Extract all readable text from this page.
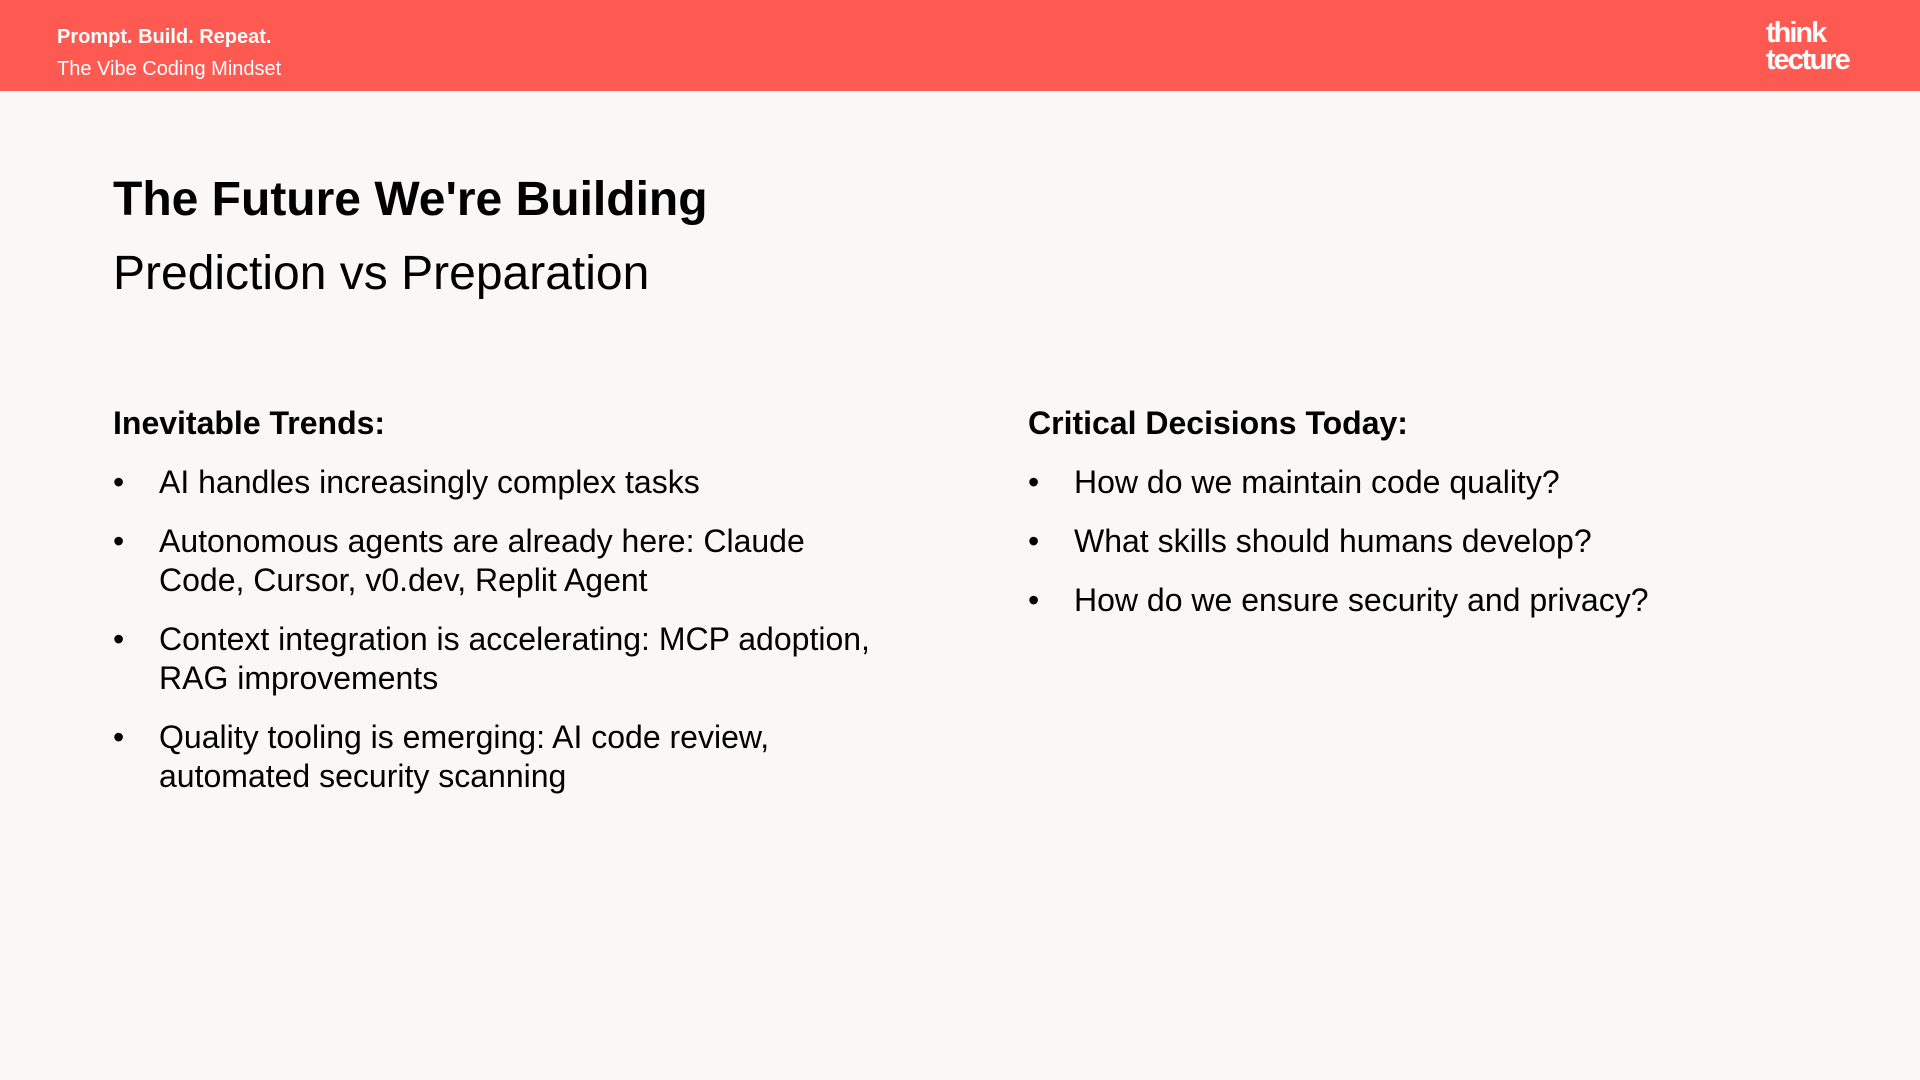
Prompt. Build. Repeat.
The Vibe Coding Mindset
think
tecture
The Future We're Building
Prediction vs Preparation
Inevitable Trends:
• AI handles increasingly complex tasks
• Autonomous agents are already here: Claude Code, Cursor, v0.dev, Replit Agent
• Context integration is accelerating: MCP adoption, RAG improvements
• Quality tooling is emerging: AI code review, automated security scanning
Critical Decisions Today:
• How do we maintain code quality?
• What skills should humans develop?
• How do we ensure security and privacy?
